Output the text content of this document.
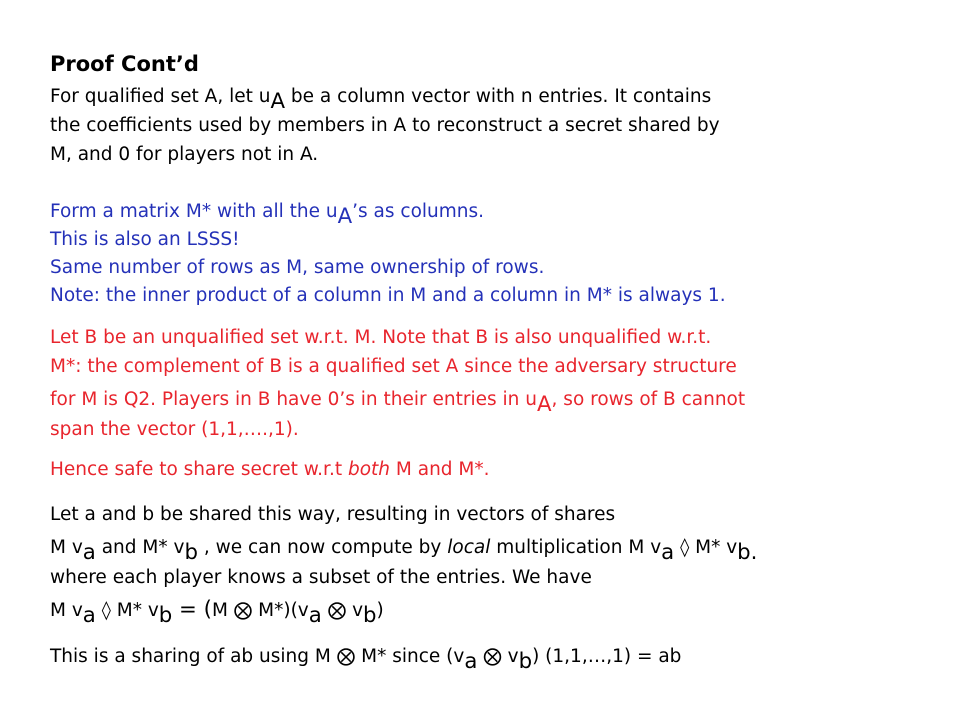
Proof Cont’d
For qualified set A, let uA be a column vector with n entries. It contains
the coefficients used by members in A to reconstruct a secret shared by
M, and 0 for players not in A.
Form a matrix M* with all the uA’s as columns.
This is also an LSSS!
Same number of rows as M, same ownership of rows.
Note: the inner product of a column in M and a column in M* is always 1.
Let B be an unqualified set w.r.t. M. Note that B is also unqualified w.r.t.
M*: the complement of B is a qualified set A since the adversary structure
for M is Q2. Players in B have 0’s in their entries in uA, so rows of B cannot
span the vector (1,1,….,1).
Hence safe to share secret w.r.t both M and M*.
Let a and b be shared this way, resulting in vectors of shares
M va and M* vb , we can now compute by local multiplication M va ◊ M* vb.
where each player knows a subset of the entries. We have
M va ◊ M* vb = (M ⨂ M*)(va ⨂ vb)
This is a sharing of ab using M ⨂ M* since (va ⨂ vb) (1,1,…,1) = ab
